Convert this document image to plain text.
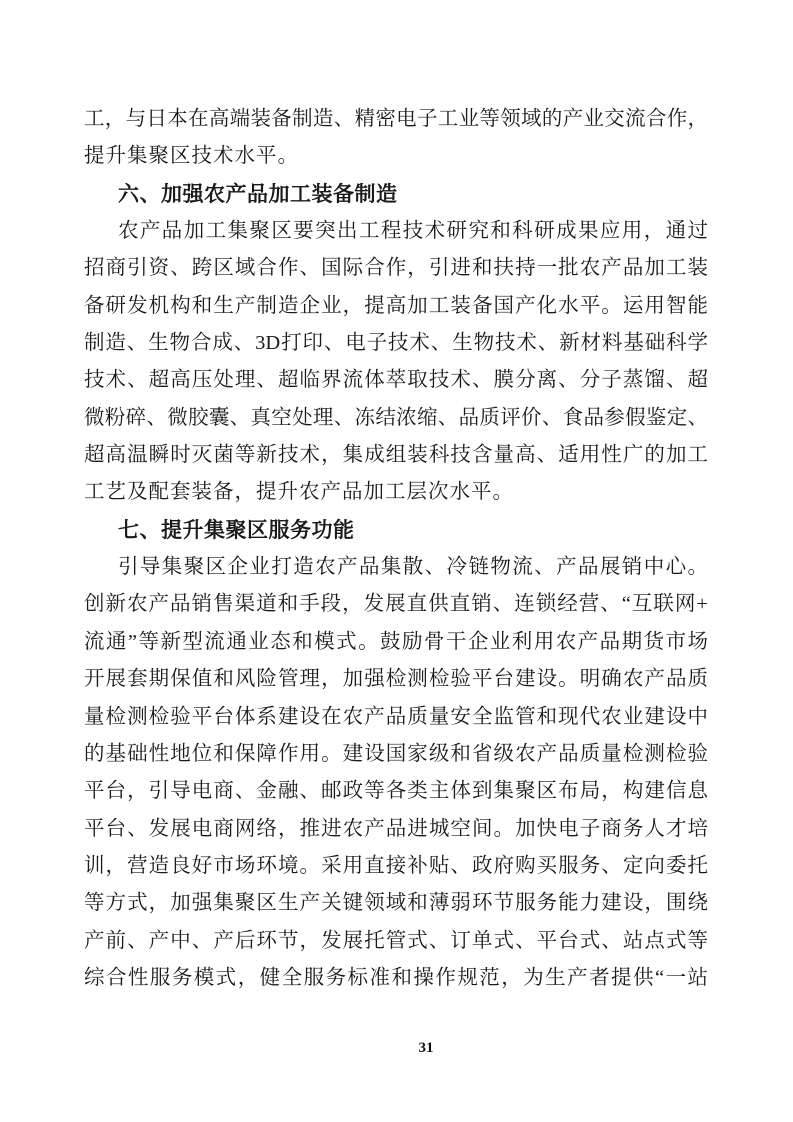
工，与日本在高端装备制造、精密电子工业等领域的产业交流合作，
提升集聚区技术水平。
六、加强农产品加工装备制造
农产品加工集聚区要突出工程技术研究和科研成果应用，通过
招商引资、跨区域合作、国际合作，引进和扶持一批农产品加工装
备研发机构和生产制造企业，提高加工装备国产化水平。运用智能
制造、生物合成、3D打印、电子技术、生物技术、新材料基础科学
技术、超高压处理、超临界流体萃取技术、膜分离、分子蒸馏、超
微粉碎、微胶囊、真空处理、冻结浓缩、品质评价、食品参假鉴定、
超高温瞬时灭菌等新技术，集成组装科技含量高、适用性广的加工
工艺及配套装备，提升农产品加工层次水平。
七、提升集聚区服务功能
引导集聚区企业打造农产品集散、冷链物流、产品展销中心。
创新农产品销售渠道和手段，发展直供直销、连锁经营、“互联网+
流通”等新型流通业态和模式。鼓励骨干企业利用农产品期货市场
开展套期保值和风险管理，加强检测检验平台建设。明确农产品质
量检测检验平台体系建设在农产品质量安全监管和现代农业建设中
的基础性地位和保障作用。建设国家级和省级农产品质量检测检验
平台，引导电商、金融、邮政等各类主体到集聚区布局，构建信息
平台、发展电商网络，推进农产品进城空间。加快电子商务人才培
训，营造良好市场环境。采用直接补贴、政府购买服务、定向委托
等方式，加强集聚区生产关键领域和薄弱环节服务能力建设，围绕
产前、产中、产后环节，发展托管式、订单式、平台式、站点式等
综合性服务模式，健全服务标准和操作规范，为生产者提供“一站
31
